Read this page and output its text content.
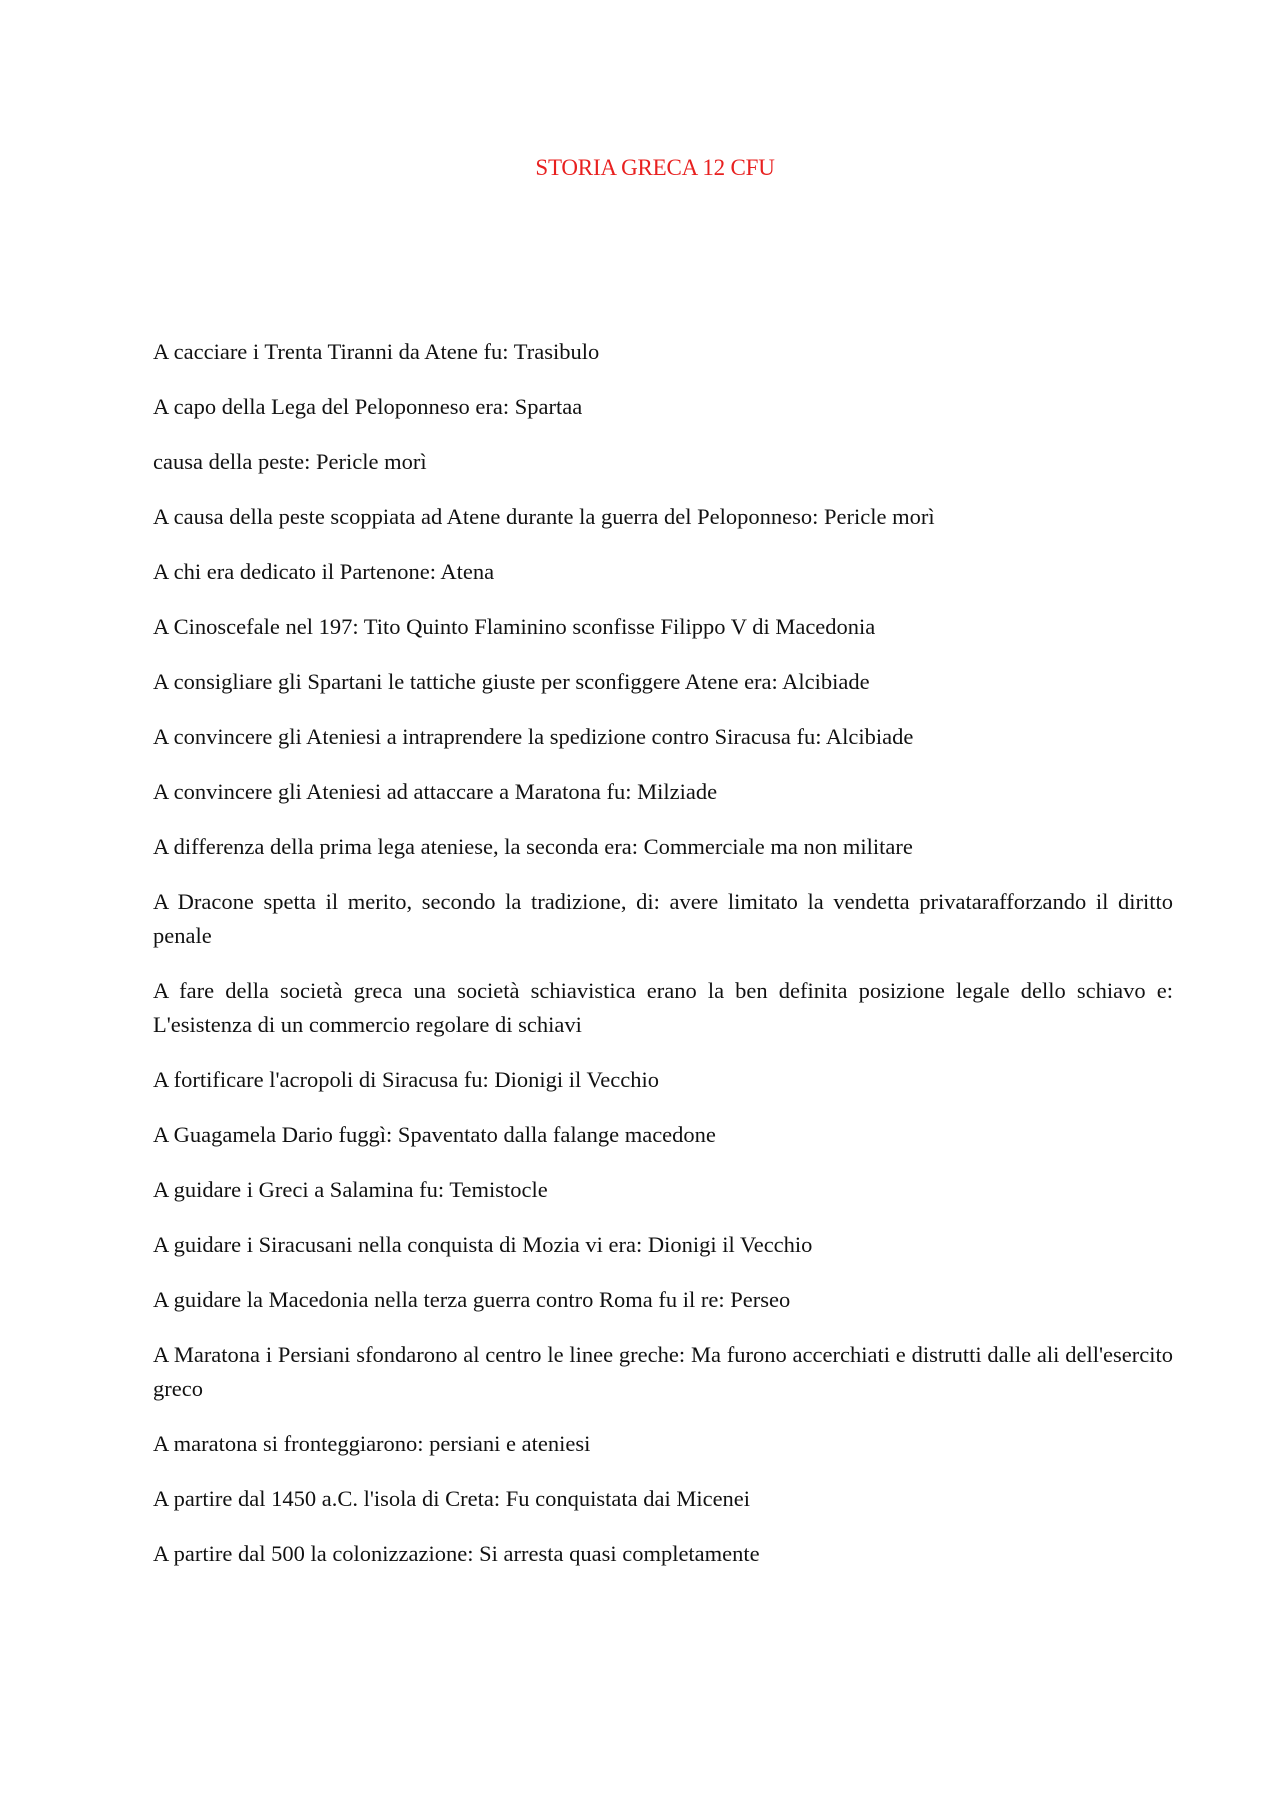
STORIA GRECA 12 CFU
A cacciare i Trenta Tiranni da Atene fu: Trasibulo
A capo della Lega del Peloponneso era: Spartaa
causa della peste: Pericle morì
A causa della peste scoppiata ad Atene durante la guerra del Peloponneso: Pericle morì
A chi era dedicato il Partenone: Atena
A Cinoscefale nel 197: Tito Quinto Flaminino sconfisse Filippo V di Macedonia
A consigliare gli Spartani le tattiche giuste per sconfiggere Atene era: Alcibiade
A convincere gli Ateniesi a intraprendere la spedizione contro Siracusa fu: Alcibiade
A convincere gli Ateniesi ad attaccare a Maratona fu: Milziade
A differenza della prima lega ateniese, la seconda era: Commerciale ma non militare
A Dracone spetta il merito, secondo la tradizione, di: avere limitato la vendetta privatarafforzando il diritto penale
A fare della società greca una società schiavistica erano la ben definita posizione legale dello schiavo e: L'esistenza di un commercio regolare di schiavi
A fortificare l'acropoli di Siracusa fu: Dionigi il Vecchio
A Guagamela Dario fuggì: Spaventato dalla falange macedone
A guidare i Greci a Salamina fu: Temistocle
A guidare i Siracusani nella conquista di Mozia vi era: Dionigi il Vecchio
A guidare la Macedonia nella terza guerra contro Roma fu il re: Perseo
A Maratona i Persiani sfondarono al centro le linee greche: Ma furono accerchiati e distrutti dalle ali dell'esercito greco
A maratona si fronteggiarono: persiani e ateniesi
A partire dal 1450 a.C. l'isola di Creta: Fu conquistata dai Micenei
A partire dal 500 la colonizzazione: Si arresta quasi completamente
